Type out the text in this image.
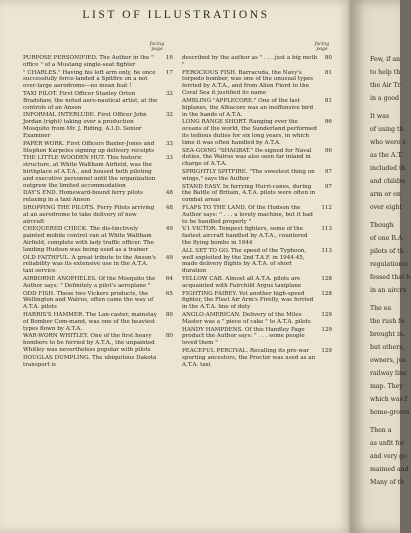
LIST OF ILLUSTRATIONS
facing page
facing page
PURPOSE PERSONIFIED. The Author in the " office " of a Mustang single-seat fighter
16
" CHARLES." Having his left arm only, he once successfully force-landed a Spitfire on a not over-large aerodrome—no mean feat !
17
TAXI PILOT. First Officer Stanley Orton Bradshaw, the noted aero-nautical artist, at the controls of an Anson
32
INFORMAL INTERLUDE. First Officer John Jordan (right) taking over a production Mosquito from Mr. J. Riding, A.I.D. Senior Examiner
32
PAPER WORK. First Officers Baxter-Jones and Stephen Karpeles signing up delivery receipts
33
THE LITTLE WOODEN HUT. This historic structure, at White Waltham Airfield, was the birthplace of A.T.A., and housed both piloting and executive personnel until the organization outgrew the limited accommodation
33
DAY'S END. Homeward-bound ferry pilots relaxing in a taxi Anson
48
DROPPING THE PILOTS. Ferry Pilots arriving at an aerodrome to take delivery of new aircraft
48
CHEQUERED CHECK. The dis-tinctively painted mobile control van at White Waltham Airfield, complete with lady traffic officer. The landing Hudson was being used as a trainer
49
OLD FAITHFUL. A great tribute to the Anson's reliability was its extensive use in the A.T.A. taxi service
49
AIRBORNE ANOPHELES. Of the Mosquito the Author says: " Definitely a pilot's aeroplane "
64
ODD FISH. These two Vickers products, the Wellington and Walrus, often came the way of A.T.A. pilots
65
HARRIS'S HAMMER. The Lan-caster, mainstay of Bomber Com-mand, was one of the heaviest types flown by A.T.A.
80
WAR-WORN WHITLEY. One of the first heavy bombers to be ferried by A.T.A., the unpainted Whitley was nevertheless popular with pilots
80
DOUGLAS DUMPLING. The ubiquitous Dakota transport is
described by the author as " . . . just a big moth "
80
FEROCIOUS FISH. Barracuda, the Navy's torpedo bomber, was one of the unusual types ferried by A.T.A., and from Alien Fiord to the Coral Sea it justified its name
81
AMBLING "APPLECORE." One of the last biplanes, the Albacore was an inoffensive bird in the hands of A.T.A.
81
LONG RANGE SHORT. Ranging over the oceans of the world, the Sunderland performed its tedious duties for six long years, in which time it was often handled by A.T.A.
96
SEA-GOING "SHAGBAT." De-signed for Naval duties, the Walrus was also seen far inland in charge of A.T.A.
96
SPRIGHTLY SPITFIRE. "The sweetest thing on wings," says the Author
97
STAND EASY. In ferrying Hurri-canes, during the Battle of Britain, A.T.A. pilots were often in combat areas
97
FLAPS TO THE LAND. Of the Hudson the Author says: " . . . a lovely machine, but it had to be handled properly "
112
V.1 VICTOR. Tempest fighters, some of the fastest aircraft handled by A.T.A., countered the flying bombs in 1944
113
ALL SET TO GO. The speed of the Typhoon, well exploited by the 2nd T.A.F. in 1944-45, made delivery flights by A.T.A. of short duration
113
YELLOW CAB. Almost all A.T.A. pilots are acquainted with Fairchild Argus taxiplane
128
FIGHTING FAIREY. Yet another high-speed fighter, the Fleet Air Arm's Firefly, was ferried in the A.T.A. line of duty
128
ANGLO-AMERICAN. Delivery of the Miles Master was a " piece of cake " to A.T.A. pilots
129
HANDY HAMPDENS. Of this Handley Page product the Author says: " . . . some people loved them "
129
PEACEFUL PERCIVAL. Recalling its pre-war sporting ancestors, the Proctor was used as an A.T.A. taxi
129
Few, if an
to help th
the Air Tr
in a good
It was
of using th
who were s
as the A.T.
included th
and childre
arm or on
over eight
Though
of one R.A
pilots of th
regulations)
fessed that h
in an aircra
The ea
the rush fo
brought in.
but others,
owners, jus
railway line
map. They
which was f
home-grown
Then a
as unfit for
and very go
maimed and
Many of th
